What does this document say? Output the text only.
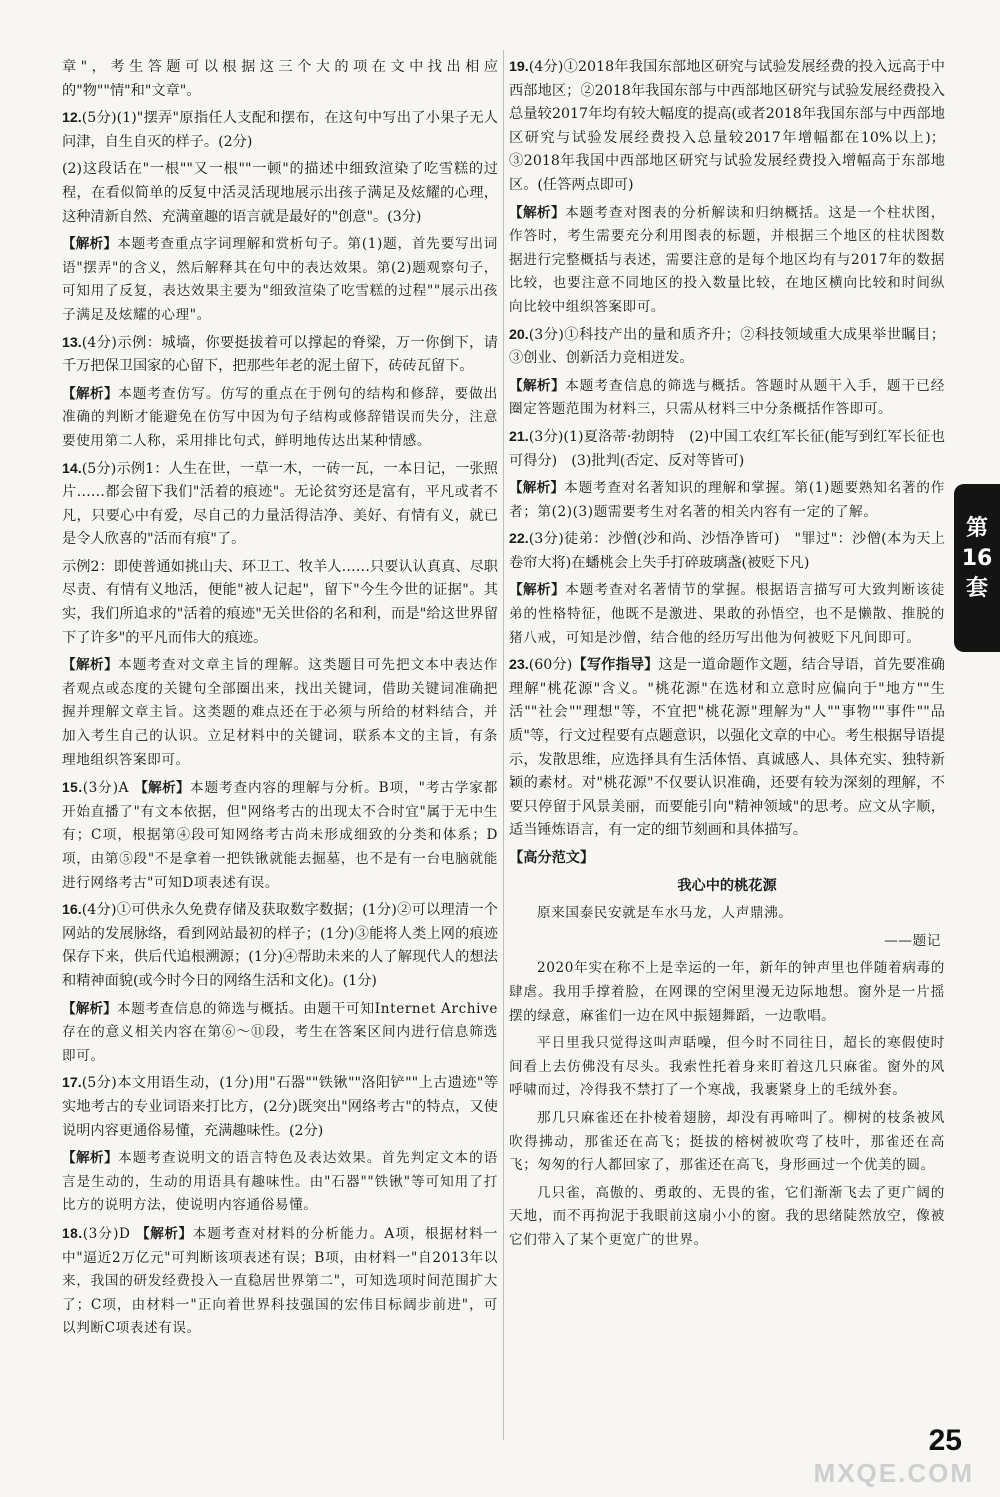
章"，考生答题可以根据这三个大的项在文中找出相应的"物""情"和"文章"。

12.(5分)(1)"摆弄"原指任人支配和摆布，在这句中写出了小果子无人问津，自生自灭的样子。(2分)

(2)这段话在"一根""又一根""一顿"的描述中细致渲染了吃雪糕的过程，在看似简单的反复中活灵活现地展示出孩子满足及炫耀的心理，这种清新自然、充满童趣的语言就是最好的"创意"。(3分)

【解析】本题考查重点字词理解和赏析句子。第(1)题，首先要写出词语"摆弄"的含义，然后解释其在句中的表达效果。第(2)题观察句子，可知用了反复，表达效果主要为"细致渲染了吃雪糕的过程""展示出孩子满足及炫耀的心理"。

13.(4分)示例：城墙，你要挺拔着可以撑起的脊梁，万一你倒下，请千万把保卫国家的心留下，把那些年老的泥土留下，砖砖瓦留下。

【解析】本题考查仿写。仿写的重点在于例句的结构和修辞，要做出准确的判断才能避免在仿写中因为句子结构或修辞错误而失分，注意要使用第二人称，采用排比句式，鲜明地传达出某种情感。

14.(5分)示例1：人生在世，一草一木，一砖一瓦，一本日记，一张照片……都会留下我们"活着的痕迹"。无论贫穷还是富有，平凡或者不凡，只要心中有爱，尽自己的力量活得洁净、美好、有情有义，就已是令人欣喜的"活而有痕"了。

示例2：即使普通如挑山夫、环卫工、牧羊人……只要认认真真、尽职尽责、有情有义地活，便能"被人记起"，留下"今生今世的证据"。其实，我们所追求的"活着的痕迹"无关世俗的名和利，而是"给这世界留下了许多"的平凡而伟大的痕迹。

【解析】本题考查对文章主旨的理解。这类题目可先把文本中表达作者观点或态度的关键句全部圈出来，找出关键词，借助关键词准确把握并理解文章主旨。这类题的难点还在于必须与所给的材料结合，并加入考生自己的认识。立足材料中的关键词，联系本文的主旨，有条理地组织答案即可。

15.(3分)A 【解析】本题考查内容的理解与分析。B项，"考古学家都开始直播了"有文本依据，但"网络考古的出现太不合时宜"属于无中生有；C项，根据第④段可知网络考古尚未形成细致的分类和体系；D项，由第⑤段"不是拿着一把铁锹就能去掘墓，也不是有一台电脑就能进行网络考古"可知D项表述有误。

16.(4分)①可供永久免费存储及获取数字数据；(1分)②可以理清一个网站的发展脉络，看到网站最初的样子；(1分)③能将人类上网的痕迹保存下来，供后代追根溯源；(1分)④帮助未来的人了解现代人的想法和精神面貌(或今时今日的网络生活和文化)。(1分)

【解析】本题考查信息的筛选与概括。由题干可知Internet Archive存在的意义相关内容在第⑥～⑪段，考生在答案区间内进行信息筛选即可。

17.(5分)本文用语生动，(1分)用"石器""铁锹""洛阳铲""上古遗迹"等实地考古的专业词语来打比方，(2分)既突出"网络考古"的特点，又使说明内容更通俗易懂，充满趣味性。(2分)

【解析】本题考查说明文的语言特色及表达效果。首先判定文本的语言是生动的，生动的用语具有趣味性。由"石器""铁锹"等可知用了打比方的说明方法，使说明内容通俗易懂。

18.(3分)D 【解析】本题考查对材料的分析能力。A项，根据材料一中"逼近2万亿元"可判断该项表述有误；B项，由材料一"自2013年以来，我国的研发经费投入一直稳居世界第二"，可知选项时间范围扩大了；C项，由材料一"正向着世界科技强国的宏伟目标阔步前进"，可以判断C项表述有误。

19.(4分)①2018年我国东部地区研究与试验发展经费的投入远高于中西部地区；②2018年我国东部与中西部地区研究与试验发展经费投入总量较2017年均有较大幅度的提高(或者2018年我国东部与中西部地区研究与试验发展经费投入总量较2017年增幅都在10%以上)；③2018年我国中西部地区研究与试验发展经费投入增幅高于东部地区。(任答两点即可)

【解析】本题考查对图表的分析解读和归纳概括。这是一个柱状图，作答时，考生需要充分利用图表的标题，并根据三个地区的柱状图数据进行完整概括与表述，需要注意的是每个地区均有与2017年的数据比较，也要注意不同地区的投入数量比较，在地区横向比较和时间纵向比较中组织答案即可。

20.(3分)①科技产出的量和质齐升；②科技领域重大成果举世瞩目；③创业、创新活力竞相迸发。

【解析】本题考查信息的筛选与概括。答题时从题干入手，题干已经圈定答题范围为材料三，只需从材料三中分条概括作答即可。

21.(3分)(1)夏洛蒂·勃朗特　(2)中国工农红军长征(能写到红军长征也可得分)　(3)批判(否定、反对等皆可)

【解析】本题考查对名著知识的理解和掌握。第(1)题要熟知名著的作者；第(2)(3)题需要考生对名著的相关内容有一定的了解。

22.(3分)徒弟：沙僧(沙和尚、沙悟净皆可)　"罪过"：沙僧(本为天上卷帘大将)在蟠桃会上失手打碎玻璃盏(被贬下凡)

【解析】本题考查对名著情节的掌握。根据语言描写可大致判断该徒弟的性格特征，他既不是激进、果敢的孙悟空，也不是懒散、推脱的猪八戒，可知是沙僧，结合他的经历写出他为何被贬下凡间即可。

23.(60分)【写作指导】这是一道命题作文题，结合导语，首先要准确理解"桃花源"含义。"桃花源"在选材和立意时应偏向于"地方""生活""社会""理想"等，不宜把"桃花源"理解为"人""事物""事件""品质"等，行文过程要有点题意识，以强化文章的中心。考生根据导语提示，发散思维，应选择具有生活体悟、真诚感人、具体充实、独特新颖的素材。对"桃花源"不仅要认识准确，还要有较为深刻的理解，不要只停留于风景美丽，而要能引向"精神领域"的思考。应文从字顺，适当锤炼语言，有一定的细节刻画和具体描写。

【高分范文】

我心中的桃花源

原来国泰民安就是车水马龙，人声鼎沸。

——题记

2020年实在称不上是幸运的一年，新年的钟声里也伴随着病毒的肆虐。我用手撑着脸，在网课的空闲里漫无边际地想。窗外是一片摇摆的绿意，麻雀们一边在风中振翅舞蹈，一边歌唱。

平日里我只觉得这叫声聒噪，但今时不同往日，超长的寒假使时间看上去仿佛没有尽头。我索性托着身来盯着这几只麻雀。窗外的风呼啸而过，冷得我不禁打了一个寒战，我裹紧身上的毛绒外套。

那几只麻雀还在扑棱着翅膀，却没有再啼叫了。柳树的枝条被风吹得拂动，那雀还在高飞；挺拔的榕树被吹弯了枝叶，那雀还在高飞；匆匆的行人都回家了，那雀还在高飞，身形画过一个优美的圆。

几只雀，高傲的、勇敢的、无畏的雀，它们渐渐飞去了更广阔的天地，而不再拘泥于我眼前这扇小小的窗。我的思绪陡然放空，像被它们带入了某个更宽广的世界。

第
16
套
25
MXQE.COM
